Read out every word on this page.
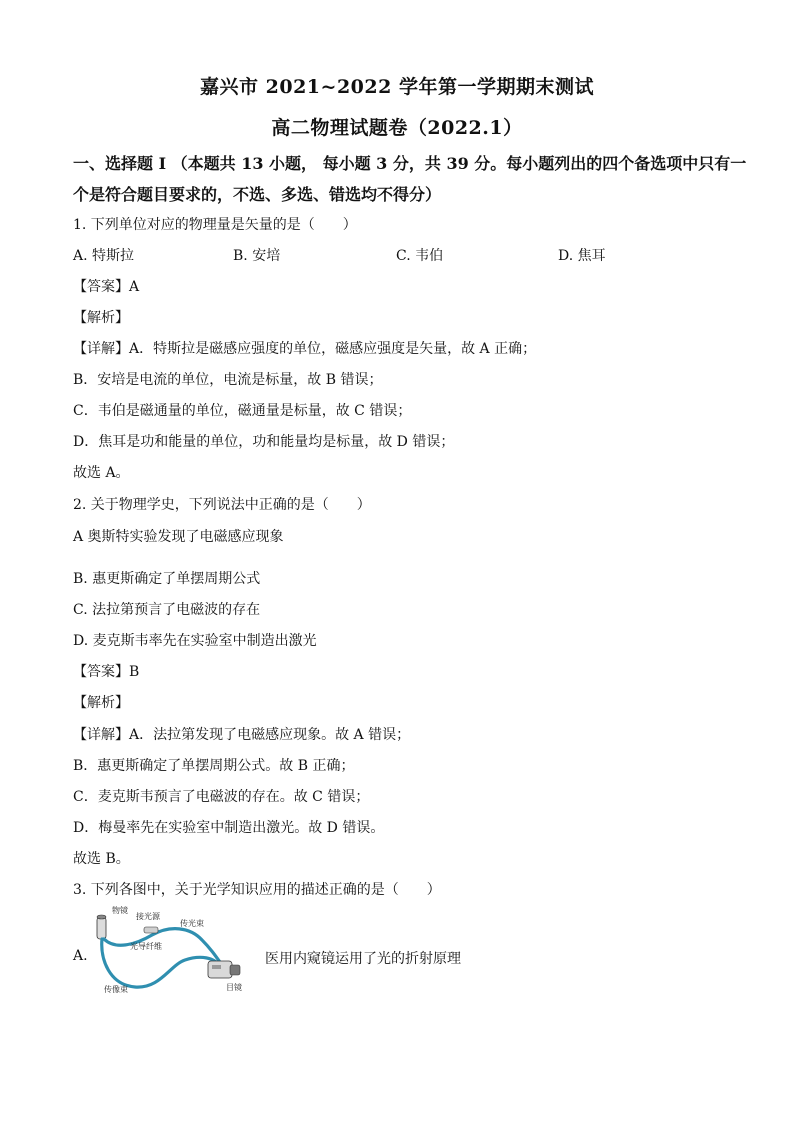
嘉兴市 2021~2022 学年第一学期期末测试
高二物理试题卷（2022.1）
一、选择题 I （本题共 13 小题， 每小题 3 分，共 39 分。每小题列出的四个备选项中只有一
个是符合题目要求的，不选、多选、错选均不得分）
1. 下列单位对应的物理量是矢量的是（　　）
A. 特斯拉	B. 安培	C. 韦伯	D. 焦耳
【答案】A
【解析】
【详解】A．特斯拉是磁感应强度的单位，磁感应强度是矢量，故 A 正确；
B．安培是电流的单位，电流是标量，故 B 错误；
C．韦伯是磁通量的单位，磁通量是标量，故 C 错误；
D．焦耳是功和能量的单位，功和能量均是标量，故 D 错误；
故选 A。
2. 关于物理学史，下列说法中正确的是（　　）
A 奥斯特实验发现了电磁感应现象
B. 惠更斯确定了单摆周期公式
C. 法拉第预言了电磁波的存在
D. 麦克斯韦率先在实验室中制造出激光
【答案】B
【解析】
【详解】A．法拉第发现了电磁感应现象。故 A 错误；
B．惠更斯确定了单摆周期公式。故 B 正确；
C．麦克斯韦预言了电磁波的存在。故 C 错误；
D．梅曼率先在实验室中制造出激光。故 D 错误。
故选 B。
3. 下列各图中，关于光学知识应用的描述正确的是（　　）
A.
物镜
接光源
传光束
光导纤维
传像束	目镜
医用内窥镜运用了光的折射原理
